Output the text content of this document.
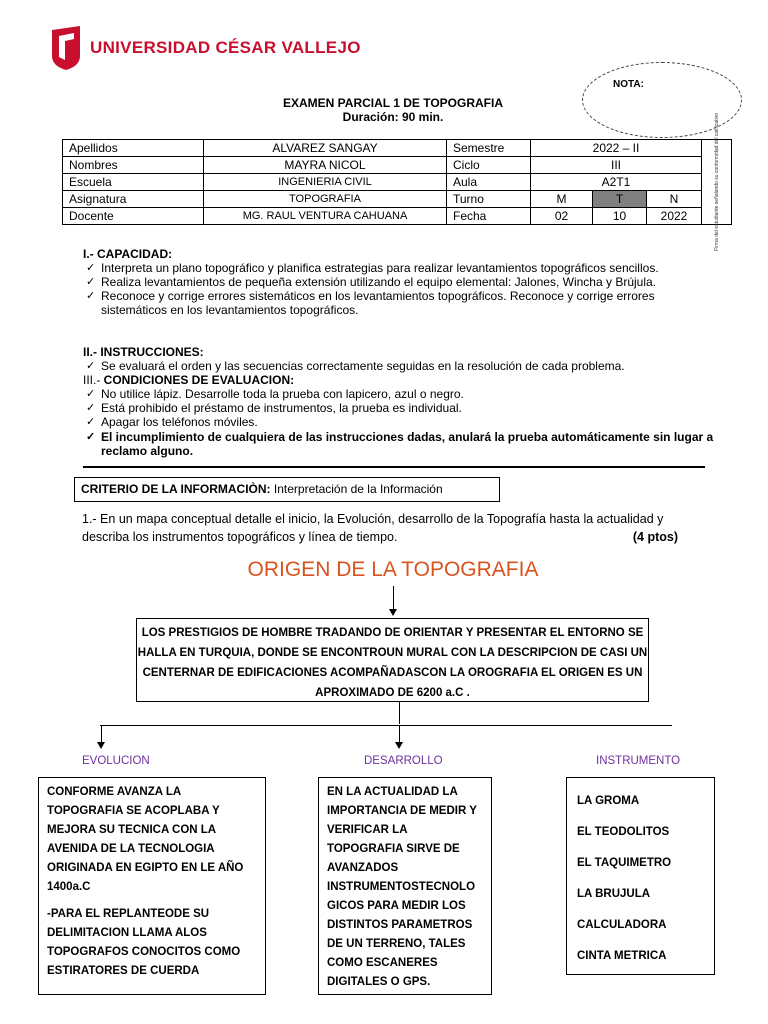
UNIVERSIDAD CÉSAR VALLEJO
NOTA:
EXAMEN PARCIAL 1 DE TOPOGRAFIA
Duración: 90 min.
Apellidos	ALVAREZ SANGAY	Semestre	2022 – II			Firma del estudiante señalando su conformidad del calificativo

Nombres	MAYRA NICOL	Ciclo	III			
Escuela	INGENIERIA CIVIL	Aula	A2T1			
Asignatura	TOPOGRAFIA	Turno	M	T	N	
Docente	MG. RAUL VENTURA CAHUANA	Fecha	02	10	2022	
I.- CAPACIDAD:
✓ Interpreta un plano topográfico y planifica estrategias para realizar levantamientos topográficos sencillos.
✓ Realiza levantamientos de pequeña extensión utilizando el equipo elemental: Jalones, Wincha y Brújula.
✓ Reconoce y corrige errores sistemáticos en los levantamientos topográficos. Reconoce y corrige errores sistemáticos en los levantamientos topográficos.
II.- INSTRUCCIONES:
✓ Se evaluará el orden y las secuencias correctamente seguidas en la resolución de cada problema.
III.- CONDICIONES DE EVALUACION:
✓ No utilice lápiz. Desarrolle toda la prueba con lapicero, azul o negro.
✓ Está prohibido el préstamo de instrumentos, la prueba es individual.
✓ Apagar los teléfonos móviles.
✓ El incumplimiento de cualquiera de las instrucciones dadas, anulará la prueba automáticamente sin lugar a reclamo alguno.
CRITERIO DE LA INFORMACIÒN: Interpretación de la Información
1.- En un mapa conceptual detalle el inicio, la Evolución, desarrollo de la Topografía hasta la actualidad y describa los instrumentos topográficos y línea de tiempo.	(4 ptos)
ORIGEN DE LA TOPOGRAFIA
LOS PRESTIGIOS DE HOMBRE TRADANDO DE ORIENTAR Y PRESENTAR EL ENTORNO SE HALLA EN TURQUIA, DONDE SE ENCONTROUN MURAL CON LA DESCRIPCION DE CASI UN CENTERNAR DE EDIFICACIONES ACOMPAÑADASCON LA OROGRAFIA EL ORIGEN ES UN APROXIMADO DE 6200 a.C .
EVOLUCION	DESARROLLO	INSTRUMENTO

CONFORME AVANZA LA TOPOGRAFIA SE ACOPLABA Y MEJORA SU TECNICA CON LA AVENIDA DE LA TECNOLOGIA ORIGINADA EN EGIPTO EN LE AÑO 1400a.C

-PARA EL REPLANTEODE SU DELIMITACION LLAMA ALOS TOPOGRAFOS CONOCITOS COMO ESTIRATORES DE CUERDA

EN LA ACTUALIDAD LA IMPORTANCIA DE MEDIR Y VERIFICAR LA TOPOGRAFIA SIRVE DE AVANZADOS INSTRUMENTOSTECNOLO GICOS PARA MEDIR LOS DISTINTOS PARAMETROS DE UN TERRENO, TALES COMO ESCANERES DIGITALES O GPS.

LA GROMA

EL TEODOLITOS

EL TAQUIMETRO

LA BRUJULA

CALCULADORA

CINTA METRICA
